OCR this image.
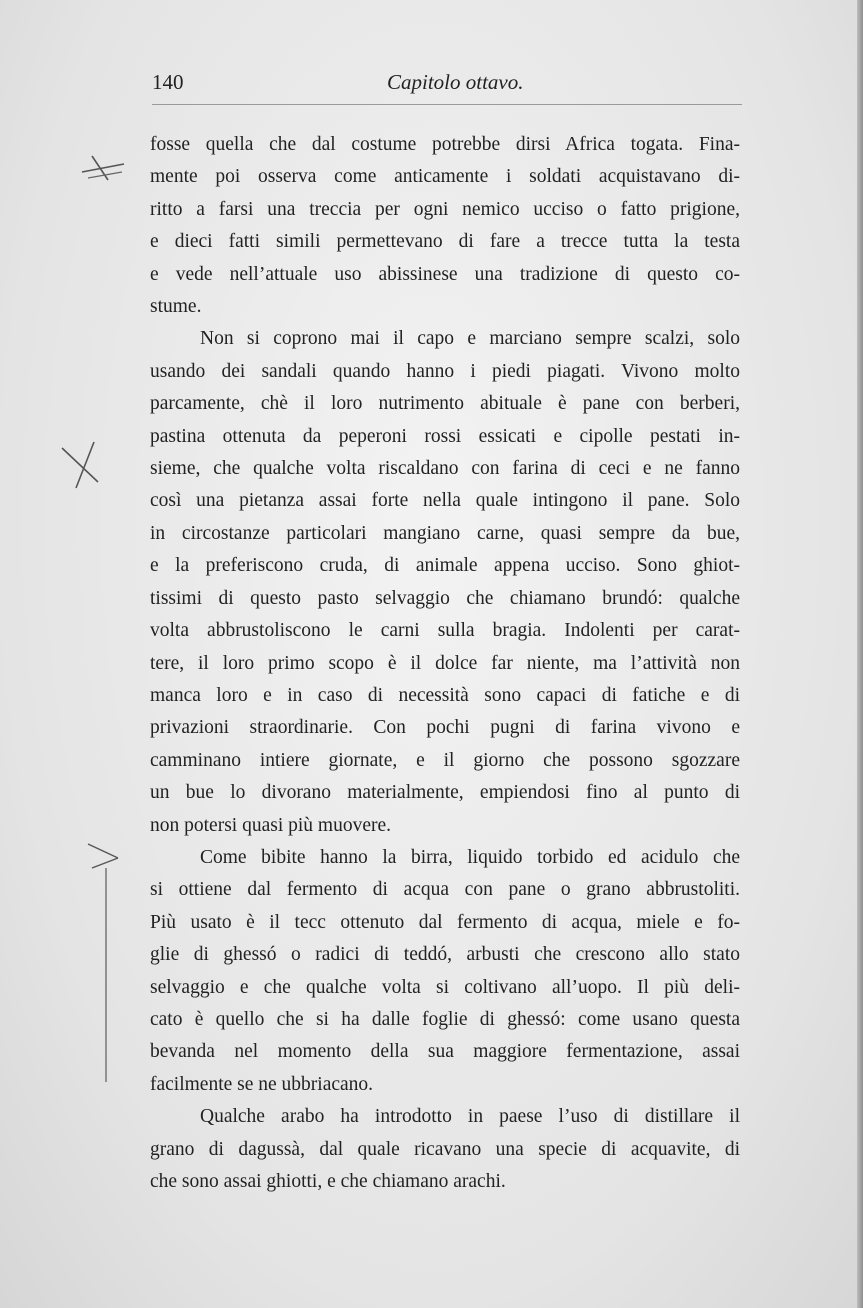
140	Capitolo ottavo.
fosse quella che dal costume potrebbe dirsi Africa togata. Fina-
mente poi osserva come anticamente i soldati acquistavano di-
ritto a farsi una treccia per ogni nemico ucciso o fatto prigione,
e dieci fatti simili permettevano di fare a trecce tutta la testa
e vede nell’attuale uso abissinese una tradizione di questo co-
stume.
Non si coprono mai il capo e marciano sempre scalzi, solo
usando dei sandali quando hanno i piedi piagati. Vivono molto
parcamente, chè il loro nutrimento abituale è pane con berberi,
pastina ottenuta da peperoni rossi essicati e cipolle pestati in-
sieme, che qualche volta riscaldano con farina di ceci e ne fanno
così una pietanza assai forte nella quale intingono il pane. Solo
in circostanze particolari mangiano carne, quasi sempre da bue,
e la preferiscono cruda, di animale appena ucciso. Sono ghiot-
tissimi di questo pasto selvaggio che chiamano brundó: qualche
volta abbrustoliscono le carni sulla bragia. Indolenti per carat-
tere, il loro primo scopo è il dolce far niente, ma l’attività non
manca loro e in caso di necessità sono capaci di fatiche e di
privazioni straordinarie. Con pochi pugni di farina vivono e
camminano intiere giornate, e il giorno che possono sgozzare
un bue lo divorano materialmente, empiendosi fino al punto di
non potersi quasi più muovere.
Come bibite hanno la birra, liquido torbido ed acidulo che
si ottiene dal fermento di acqua con pane o grano abbrustoliti.
Più usato è il tecc ottenuto dal fermento di acqua, miele e fo-
glie di ghessó o radici di teddó, arbusti che crescono allo stato
selvaggio e che qualche volta si coltivano all’uopo. Il più deli-
cato è quello che si ha dalle foglie di ghessó: come usano questa
bevanda nel momento della sua maggiore fermentazione, assai
facilmente se ne ubbriacano.
Qualche arabo ha introdotto in paese l’uso di distillare il
grano di dagussà, dal quale ricavano una specie di acquavite, di
che sono assai ghiotti, e che chiamano arachi.
